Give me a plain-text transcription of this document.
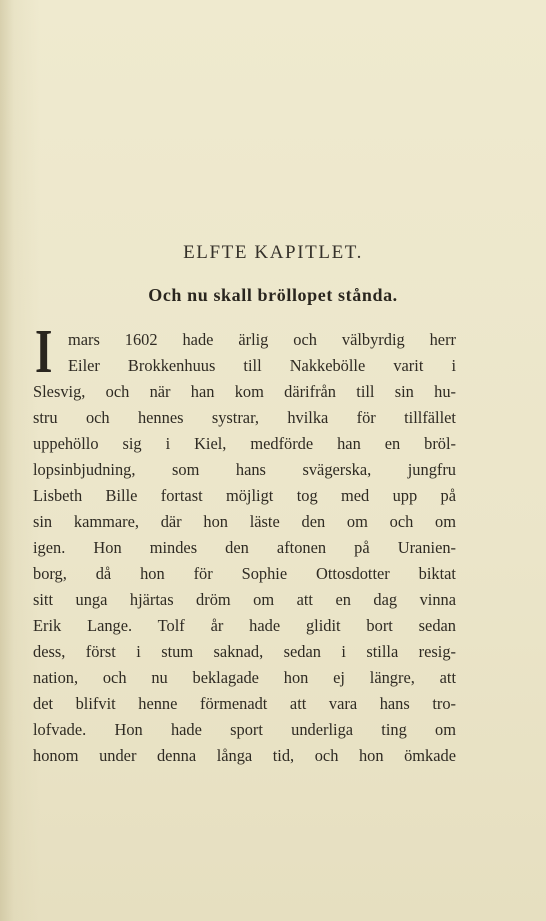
ELFTE KAPITLET.
Och nu skall bröllopet stånda.
I mars 1602 hade ärlig och välbyrdig herr
Eiler Brokkenhuus till Nakkebölle varit i
Slesvig, och när han kom därifrån till sin hu-
stru och hennes systrar, hvilka för tillfället
uppehöllo sig i Kiel, medförde han en bröl-
lopsinbjudning, som hans svägerska, jungfru
Lisbeth Bille fortast möjligt tog med upp på
sin kammare, där hon läste den om och om
igen. Hon mindes den aftonen på Uranien-
borg, då hon för Sophie Ottosdotter biktat
sitt unga hjärtas dröm om att en dag vinna
Erik Lange. Tolf år hade glidit bort sedan
dess, först i stum saknad, sedan i stilla resig-
nation, och nu beklagade hon ej längre, att
det blifvit henne förmenadt att vara hans tro-
lofvade. Hon hade sport underliga ting om
honom under denna långa tid, och hon ömkade
